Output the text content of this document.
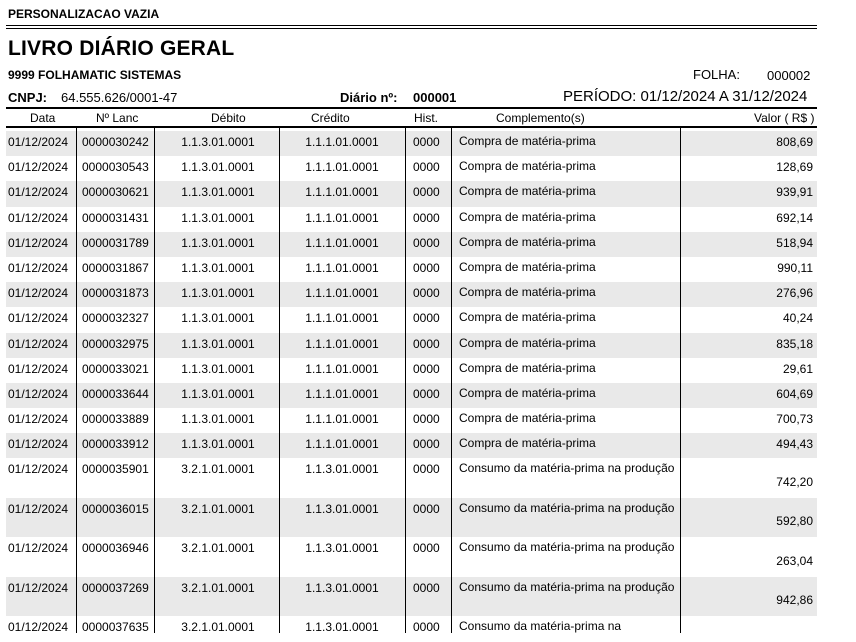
PERSONALIZACAO VAZIA
LIVRO DIÁRIO GERAL
9999 FOLHAMATIC SISTEMAS	FOLHA: 000002
CNPJ: 64.555.626/0001-47	Diário nº: 000001	PERÍODO: 01/12/2024 A 31/12/2024
Data	Nº Lanc	Débito	Crédito	Hist.	Complemento(s)	Valor ( R$ )
01/12/2024 0000030242	1.1.3.01.0001	1.1.1.01.0001	0000 Compra de matéria-prima	808,69
01/12/2024 0000030543	1.1.3.01.0001	1.1.1.01.0001	0000 Compra de matéria-prima	128,69
01/12/2024 0000030621	1.1.3.01.0001	1.1.1.01.0001	0000 Compra de matéria-prima	939,91
01/12/2024 0000031431	1.1.3.01.0001	1.1.1.01.0001	0000 Compra de matéria-prima	692,14
01/12/2024 0000031789	1.1.3.01.0001	1.1.1.01.0001	0000 Compra de matéria-prima	518,94
01/12/2024 0000031867	1.1.3.01.0001	1.1.1.01.0001	0000 Compra de matéria-prima	990,11
01/12/2024 0000031873	1.1.3.01.0001	1.1.1.01.0001	0000 Compra de matéria-prima	276,96
01/12/2024 0000032327	1.1.3.01.0001	1.1.1.01.0001	0000 Compra de matéria-prima	40,24
01/12/2024 0000032975	1.1.3.01.0001	1.1.1.01.0001	0000 Compra de matéria-prima	835,18
01/12/2024 0000033021	1.1.3.01.0001	1.1.1.01.0001	0000 Compra de matéria-prima	29,61
01/12/2024 0000033644	1.1.3.01.0001	1.1.1.01.0001	0000 Compra de matéria-prima	604,69
01/12/2024 0000033889	1.1.3.01.0001	1.1.1.01.0001	0000 Compra de matéria-prima	700,73
01/12/2024 0000033912	1.1.3.01.0001	1.1.1.01.0001	0000 Compra de matéria-prima	494,43
01/12/2024 0000035901	3.2.1.01.0001	1.1.3.01.0001	0000 Consumo da matéria-prima na produção
742,20
01/12/2024 0000036015	3.2.1.01.0001	1.1.3.01.0001	0000 Consumo da matéria-prima na produção
592,80
01/12/2024 0000036946	3.2.1.01.0001	1.1.3.01.0001	0000 Consumo da matéria-prima na produção
263,04
01/12/2024 0000037269	3.2.1.01.0001	1.1.3.01.0001	0000 Consumo da matéria-prima na produção
942,86
01/12/2024 0000037635	3.2.1.01.0001	1.1.3.01.0001	0000 Consumo da matéria-prima na
